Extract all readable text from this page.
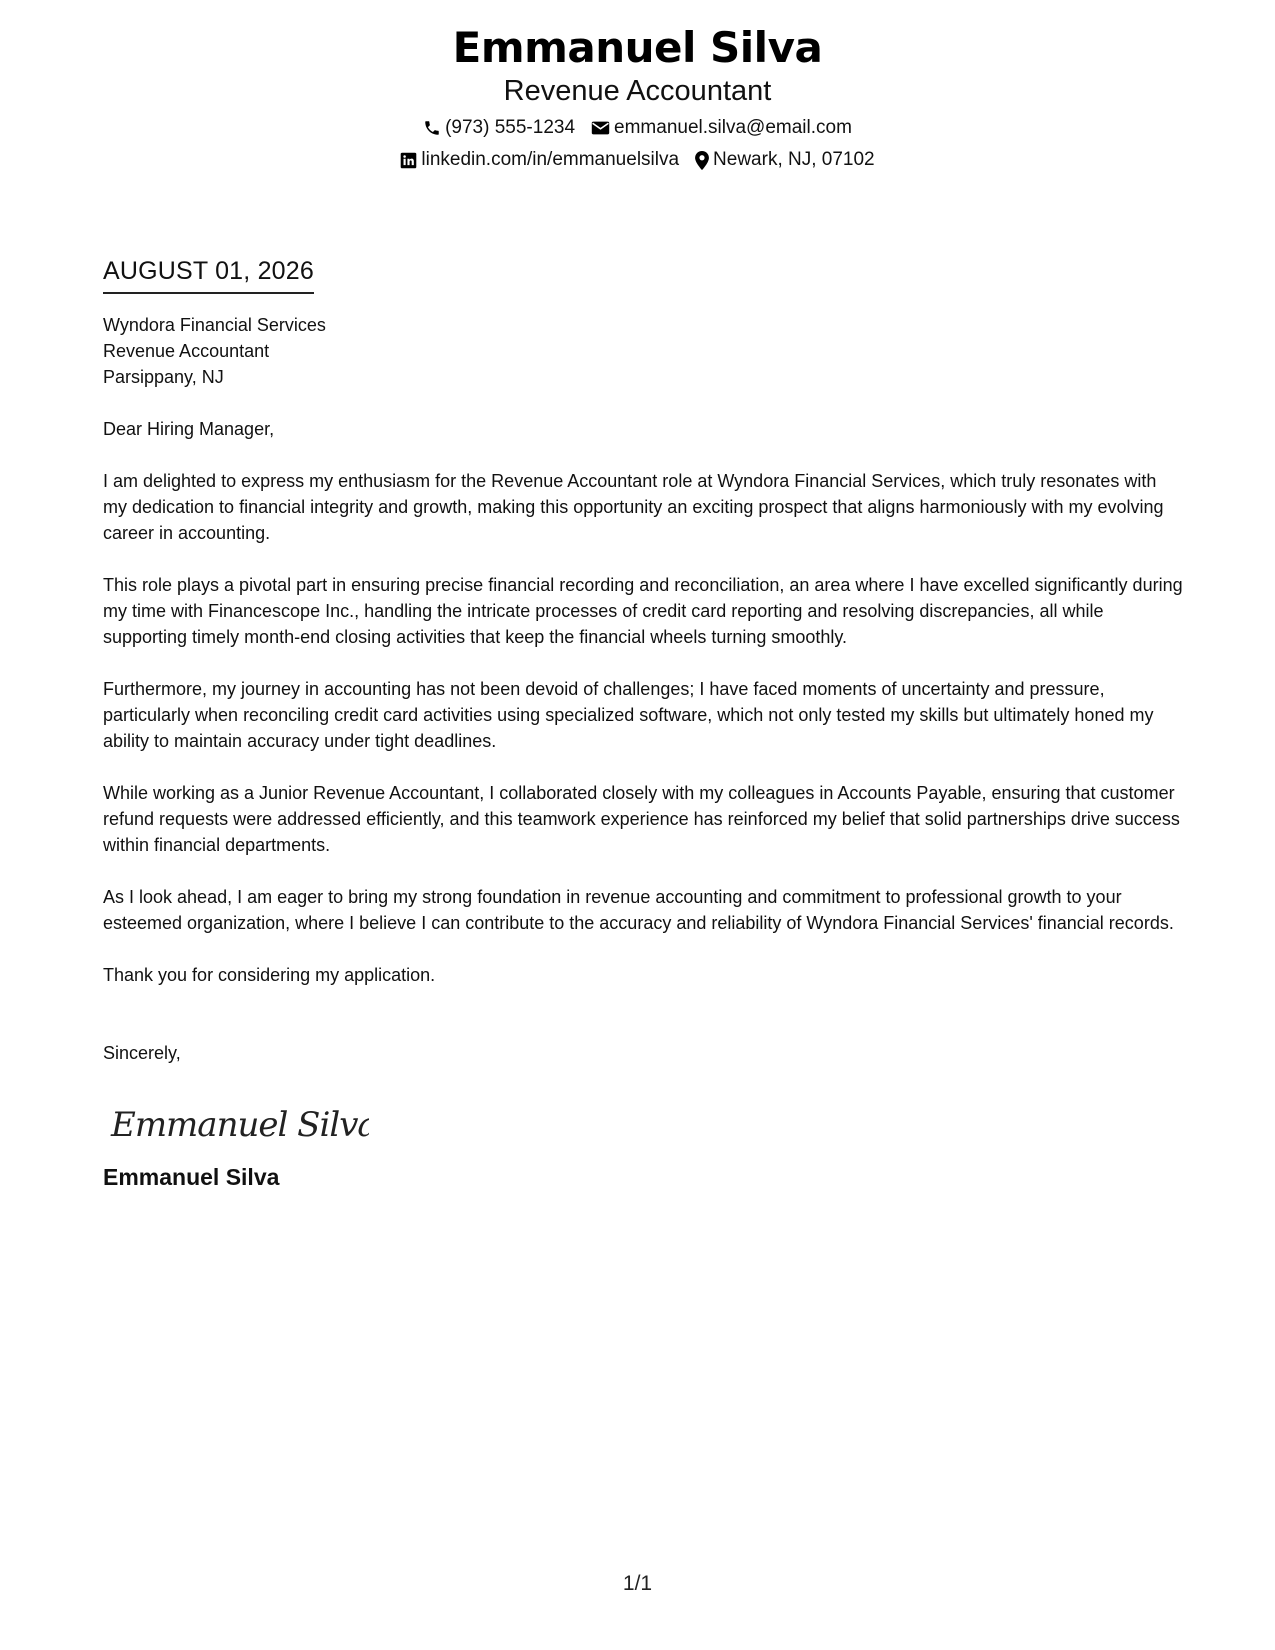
Emmanuel Silva
Revenue Accountant
(973) 555-1234 emmanuel.silva@email.com
linkedin.com/in/emmanuelsilva Newark, NJ, 07102
AUGUST 01, 2026
Wyndora Financial Services
Revenue Accountant
Parsippany, NJ
Dear Hiring Manager,
I am delighted to express my enthusiasm for the Revenue Accountant role at Wyndora Financial Services, which truly resonates with my dedication to financial integrity and growth, making this opportunity an exciting prospect that aligns harmoniously with my evolving career in accounting.
This role plays a pivotal part in ensuring precise financial recording and reconciliation, an area where I have excelled significantly during my time with Financescope Inc., handling the intricate processes of credit card reporting and resolving discrepancies, all while supporting timely month-end closing activities that keep the financial wheels turning smoothly.
Furthermore, my journey in accounting has not been devoid of challenges; I have faced moments of uncertainty and pressure, particularly when reconciling credit card activities using specialized software, which not only tested my skills but ultimately honed my ability to maintain accuracy under tight deadlines.
While working as a Junior Revenue Accountant, I collaborated closely with my colleagues in Accounts Payable, ensuring that customer refund requests were addressed efficiently, and this teamwork experience has reinforced my belief that solid partnerships drive success within financial departments.
As I look ahead, I am eager to bring my strong foundation in revenue accounting and commitment to professional growth to your esteemed organization, where I believe I can contribute to the accuracy and reliability of Wyndora Financial Services' financial records.
Thank you for considering my application.
Sincerely,
Emmanuel Silva
Emmanuel Silva
1/1
